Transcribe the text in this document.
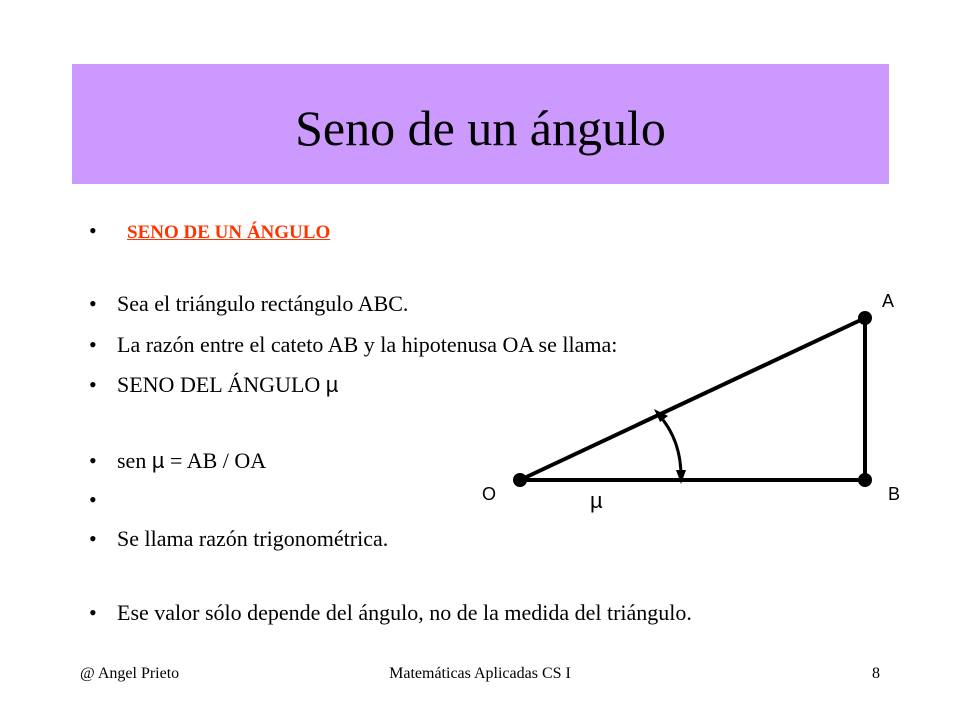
Seno de un ángulo
• SENO DE UN ÁNGULO
• Sea el triángulo rectángulo ABC.
• La razón entre el cateto AB y la hipotenusa OA se llama:
• SENO DEL ÁNGULO µ
• sen µ = AB / OA
•
• Se llama razón trigonométrica.
• Ese valor sólo depende del ángulo, no de la medida del triángulo.
A
B
O	µ
@ Angel Prieto	Matemáticas Aplicadas CS I	8
